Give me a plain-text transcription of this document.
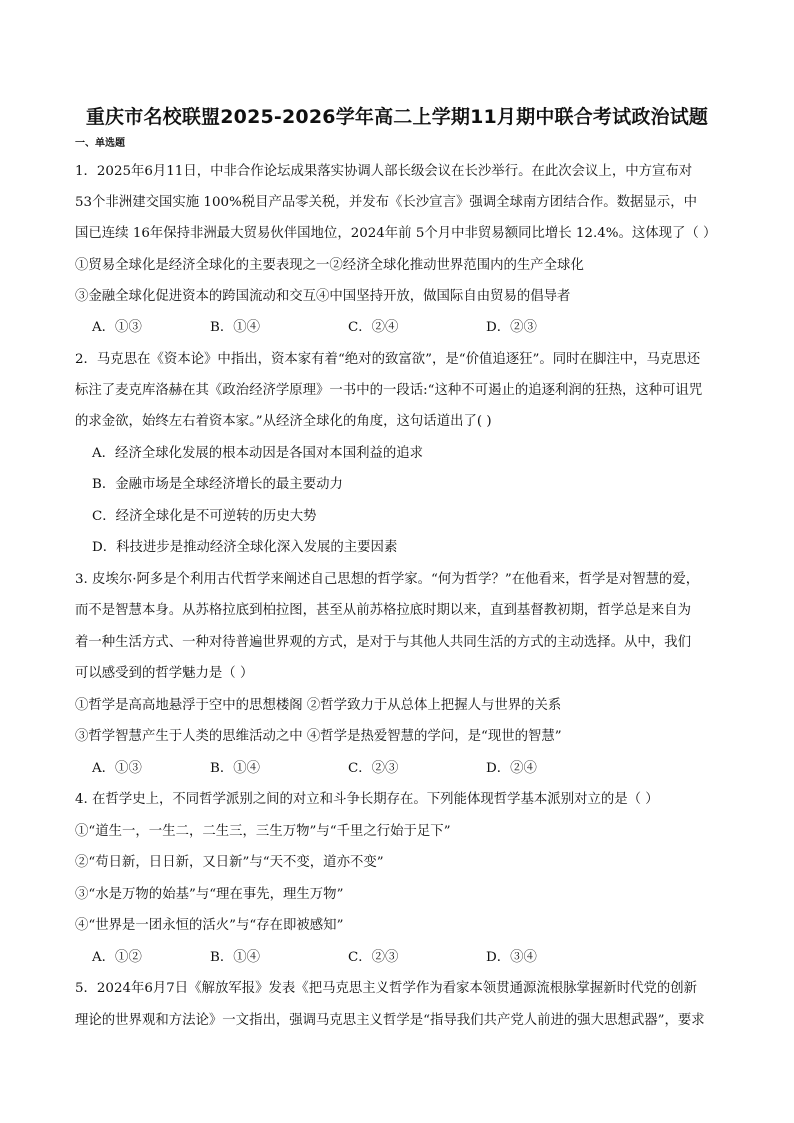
重庆市名校联盟2025-2026学年高二上学期11月期中联合考试政治试题
一、单选题
1．2025年6月11日，中非合作论坛成果落实协调人部长级会议在长沙举行。在此次会议上，中方宣布对
53个非洲建交国实施 100%税目产品零关税，并发布《长沙宣言》强调全球南方团结合作。数据显示，中
国已连续 16年保持非洲最大贸易伙伴国地位，2024年前 5个月中非贸易额同比增长 12.4%。这体现了（ ）
①贸易全球化是经济全球化的主要表现之一②经济全球化推动世界范围内的生产全球化
③金融全球化促进资本的跨国流动和交互④中国坚持开放，做国际自由贸易的倡导者
A．①③	B．①④	C．②④	D．②③
2．马克思在《资本论》中指出，资本家有着“绝对的致富欲”，是“价值追逐狂”。同时在脚注中，马克思还
标注了麦克库洛赫在其《政治经济学原理》一书中的一段话:“这种不可遏止的追逐利润的狂热，这种可诅咒
的求金欲，始终左右着资本家。”从经济全球化的角度，这句话道出了( )
A．经济全球化发展的根本动因是各国对本国利益的追求
B．金融市场是全球经济增长的最主要动力
C．经济全球化是不可逆转的历史大势
D．科技进步是推动经济全球化深入发展的主要因素
3. 皮埃尔·阿多是个利用古代哲学来阐述自己思想的哲学家。“何为哲学？”在他看来，哲学是对智慧的爱，
而不是智慧本身。从苏格拉底到柏拉图，甚至从前苏格拉底时期以来，直到基督教初期，哲学总是来自为
着一种生活方式、一种对待普遍世界观的方式，是对于与其他人共同生活的方式的主动选择。从中，我们
可以感受到的哲学魅力是（ ）
①哲学是高高地悬浮于空中的思想楼阁 ②哲学致力于从总体上把握人与世界的关系
③哲学智慧产生于人类的思维活动之中 ④哲学是热爱智慧的学问，是“现世的智慧”
A．①③	B．①④	C．②③	D．②④
4. 在哲学史上，不同哲学派别之间的对立和斗争长期存在。下列能体现哲学基本派别对立的是（ ）
①“道生一，一生二，二生三，三生万物”与“千里之行始于足下”
②“苟日新，日日新，又日新”与“天不变，道亦不变”
③“水是万物的始基”与“理在事先，理生万物”
④“世界是一团永恒的活火”与“存在即被感知”
A．①②	B．①④	C．②③	D．③④
5．2024年6月7日《解放军报》发表《把马克思主义哲学作为看家本领贯通源流根脉掌握新时代党的创新
理论的世界观和方法论》一文指出，强调马克思主义哲学是“指导我们共产党人前进的强大思想武器”，要求
